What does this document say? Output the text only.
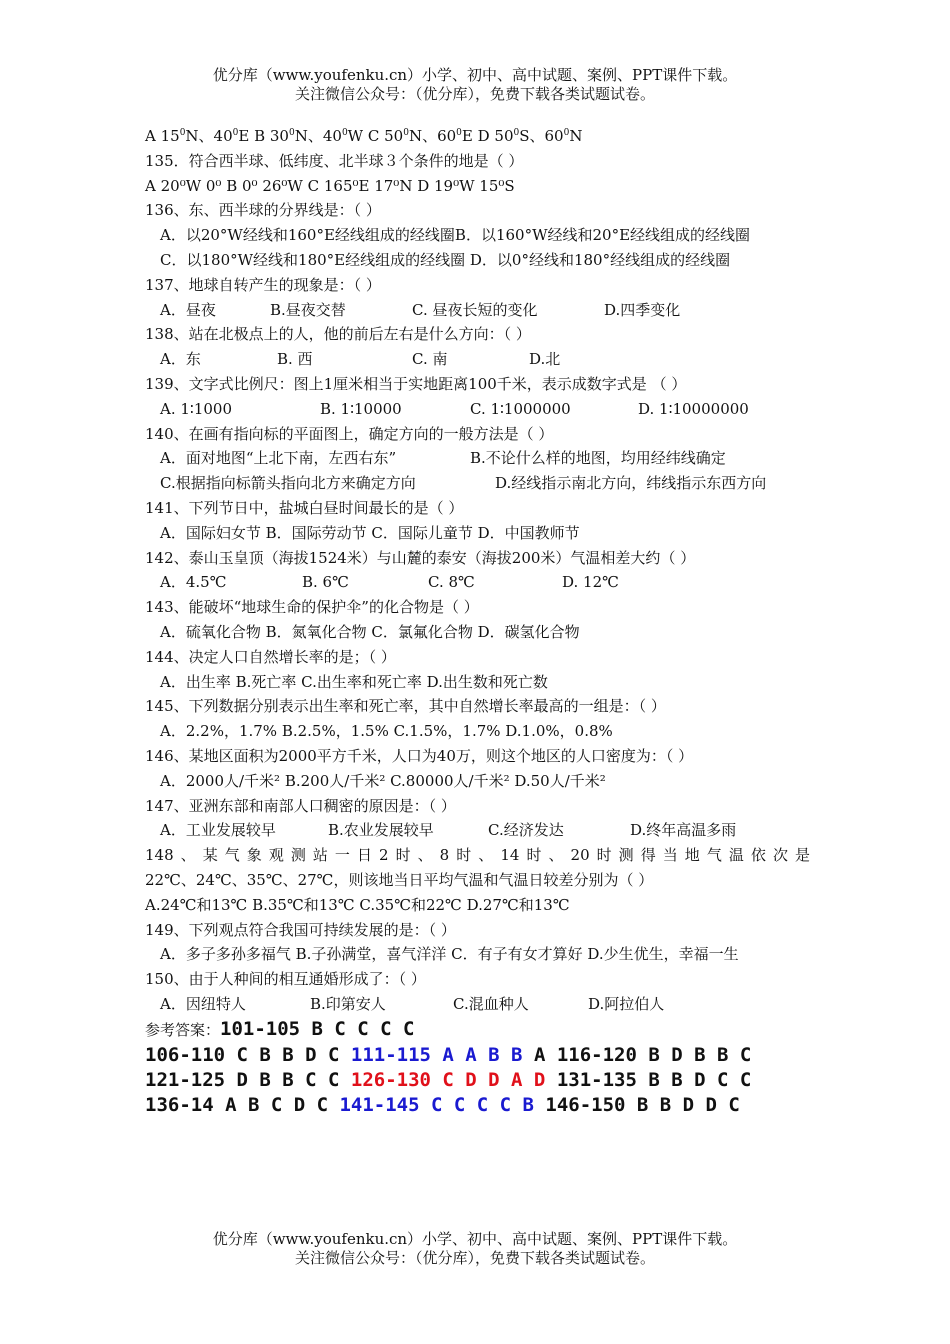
优分库（www.youfenku.cn）小学、初中、高中试题、案例、PPT课件下载。
关注微信公众号：（优分库），免费下载各类试题试卷。
A $15^0N$、$40^0E$ B $30^0N$、$40^0W$ C $50^0N$、$60^0E$ D $50^0S$、$60^0N$
135．符合西半球、低纬度、北半球３个条件的地是（ ）
A 20⁰W 0⁰ B 0⁰ 26⁰W C 165⁰E 17⁰N D 19⁰W 15⁰S
136、东、西半球的分界线是：（ ）
A．以20°W经线和160°E经线组成的经线圈B．以160°W经线和20°E经线组成的经线圈
C．以180°W经线和180°E经线组成的经线圈 D．以0°经线和180°经线组成的经线圈
137、地球自转产生的现象是：（ ）
A．昼夜	B.昼夜交替	C. 昼夜长短的变化	D.四季变化
138、站在北极点上的人，他的前后左右是什么方向：（ ）
A．东	B. 西	C. 南	D.北
139、文字式比例尺：图上1厘米相当于实地距离100千米，表示成数字式是 （ ）
A. 1∶1000	B. 1∶10000	C. 1∶1000000	D. 1∶10000000
140、在画有指向标的平面图上，确定方向的一般方法是（ ）
A．面对地图“上北下南，左西右东”	B.不论什么样的地图，均用经纬线确定
C.根据指向标箭头指向北方来确定方向	D.经线指示南北方向，纬线指示东西方向
141、下列节日中，盐城白昼时间最长的是（ ）
A．国际妇女节 B．国际劳动节 C．国际儿童节 D．中国教师节
142、泰山玉皇顶（海拔1524米）与山麓的泰安（海拔200米）气温相差大约（ ）
A．4.5℃	B. 6℃	C. 8℃	D. 12℃
143、能破坏“地球生命的保护伞”的化合物是（ ）
A．硫氧化合物 B．氮氧化合物 C．氯氟化合物 D．碳氢化合物
144、决定人口自然增长率的是；（ ）
A．出生率 B.死亡率 C.出生率和死亡率 D.出生数和死亡数
145、下列数据分别表示出生率和死亡率，其中自然增长率最高的一组是：（ ）
A．2.2%，1.7% B.2.5%，1.5% C.1.5%，1.7% D.1.0%，0.8%
146、某地区面积为2000平方千米，人口为40万，则这个地区的人口密度为：（ ）
A．2000人/千米² B.200人/千米² C.80000人/千米² D.50人/千米²
147、亚洲东部和南部人口稠密的原因是：（ ）
A．工业发展较早	B.农业发展较早	C.经济发达	D.终年高温多雨
148、某气象观测站一日2时、8时、14时、20时测得当地气温依次是
22℃、24℃、35℃、27℃，则该地当日平均气温和气温日较差分别为（ ）
A.24℃和13℃ B.35℃和13℃ C.35℃和22℃ D.27℃和13℃
149、下列观点符合我国可持续发展的是：（ ）
A．多子多孙多福气 B.子孙满堂，喜气洋洋 C．有子有女才算好 D.少生优生，幸福一生
150、由于人种间的相互通婚形成了：（ ）
A．因纽特人	B.印第安人	C.混血种人	D.阿拉伯人
参考答案：101-105 B C C C C
106-110 C B B D C 111-115 A A B B A 116-120 B D B B C
121-125 D B B C C 126-130 C D D A D 131-135 B B D C C
136-14 A B C D C 141-145 C C C C B 146-150 B B D D C
优分库（www.youfenku.cn）小学、初中、高中试题、案例、PPT课件下载。
关注微信公众号：（优分库），免费下载各类试题试卷。
